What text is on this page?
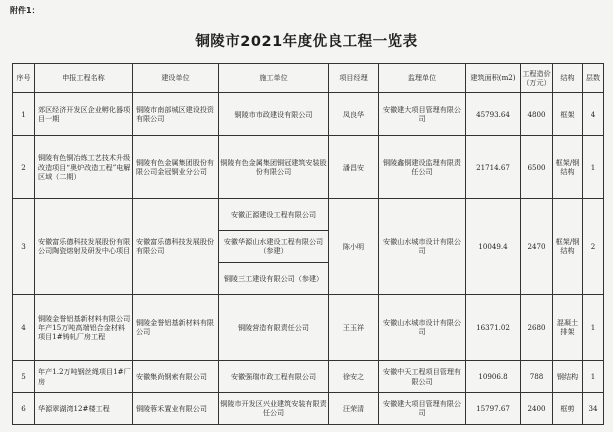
附件1：
铜陵市2021年度优良工程一览表
序号	申报工程名称	建设单位	施工单位	项目经理	监理单位	建筑面积(m2)	工程造价（万元）	结构	层数
1	郊区经济开发区企业孵化器项目一期	铜陵市南部城区建设投资有限公司	铜陵市市政建设有限公司	凤良华	安徽建大项目管理有限公司	45793.64	4800	框架	4
2	铜陵有色铜冶炼工艺技术升级改造项目“奥炉改造工程”电解区域（二期）	铜陵有色金属集团股份有限公司金冠铜业分公司	铜陵有色金属集团铜冠建筑安装股份有限公司	潘昌安	铜陵鑫铜建设监理有限责任公司	21714.67	6500	框架/钢结构	1
3	安徽富乐德科技发展股份有限公司陶瓷熔射及研发中心项目	安徽富乐德科技发展股份有限公司	安徽正源建设工程有限公司	陈小明	安徽山水城市设计有限公司	10049.4	2470	框架/钢结构	2
			安徽华源山水建设工程有限公司（参建）						
			铜陵三工建设有限公司（参建）						
4	铜陵金誉铝基新材料有限公司年产15万吨高端铝合金材料项目1#铸轧厂房工程	铜陵金誉铝基新材料有限公司	铜陵营造有限责任公司	王玉祥	安徽山水城市设计有限公司	16371.02	2680	混凝土排架	1
5	年产1.2万吨钢丝绳项目1#厂房	安徽集尚钢索有限公司	安徽强瑞市政工程有限公司	徐安之	安徽中天工程项目管理有限公司	10906.8	788	钢结构	1
6	华源翠湖湾12#楼工程	铜陵蓉禾置业有限公司	铜陵市开发区兴业建筑安装有限责任公司	汪荣清	安徽建大项目管理有限公司	15797.67	2400	框剪	34
